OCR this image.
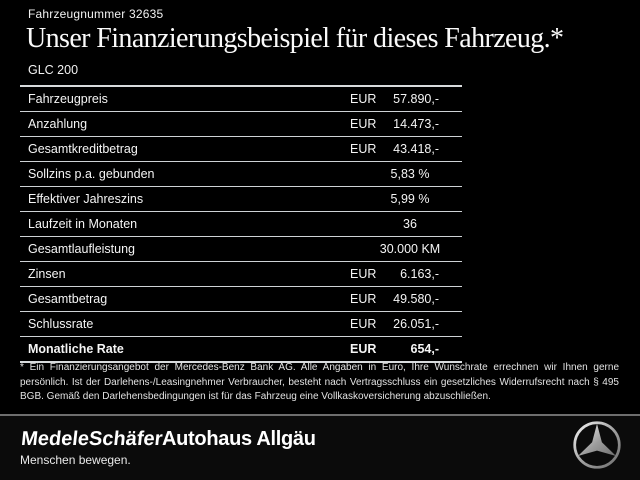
Fahrzeugnummer 32635
Unser Finanzierungsbeispiel für dieses Fahrzeug.*
GLC 200
Fahrzeugpreis	EUR 57.890,-
Anzahlung	EUR 14.473,-
Gesamtkreditbetrag	EUR 43.418,-
Sollzins p.a. gebunden	5,83 %
Effektiver Jahreszins	5,99 %
Laufzeit in Monaten	36
Gesamtlaufleistung	30.000 KM
Zinsen	EUR 6.163,-
Gesamtbetrag	EUR 49.580,-
Schlussrate	EUR 26.051,-
Monatliche Rate	EUR	654,-
* Ein Finanzierungsangebot der Mercedes-Benz Bank AG. Alle Angaben in Euro, Ihre Wunschrate errechnen wir Ihnen gerne persönlich. Ist der Darlehens-/Leasingnehmer Verbraucher, besteht nach Vertragsschluss ein gesetzliches Widerrufsrecht nach § 495 BGB. Gemäß den Darlehensbedingungen ist für das Fahrzeug eine Vollkaskoversicherung abzuschließen.
MedeleSchäfer
Menschen bewegen.
Autohaus Allgäu
